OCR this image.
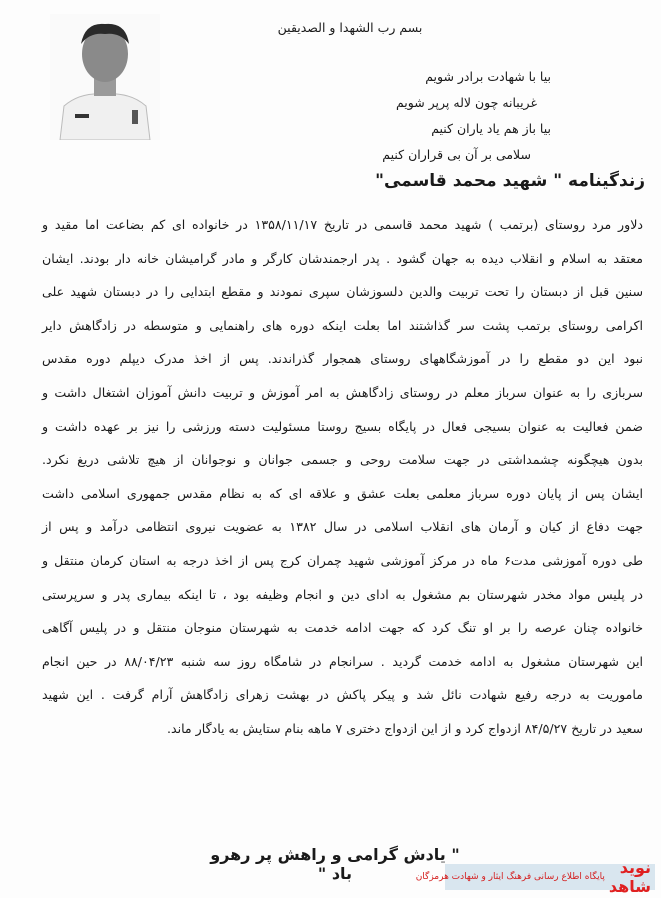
بسم رب الشهدا و الصدیقین
بیا با شهادت برادر شویم
غریبانه چون لاله پرپر شویم
بیا باز هم یاد یاران کنیم
سلامی بر آن بی قراران کنیم
زندگینامه " شهید محمد قاسمی"
دلاور مرد روستای (برتمب ) شهید محمد قاسمی در تاریخ ۱۳۵۸/۱۱/۱۷ در خانواده ای کم بضاعت اما مقید و
معتقد به اسلام و انقلاب دیده به جهان گشود . پدر ارجمندشان کارگر و مادر گرامیشان خانه دار بودند. ایشان
سنین قبل از دبستان را تحت تربیت والدین دلسوزشان سپری نمودند و مقطع ابتدایی را در دبستان شهید علی
اکرامی روستای برتمب پشت سر گذاشتند اما بعلت اینکه دوره های راهنمایی و متوسطه در زادگاهش دایر
نبود این دو مقطع را در آموزشگاههای روستای همجوار گذراندند. پس از اخذ مدرک دیپلم دوره مقدس
سربازی را به عنوان سرباز معلم در روستای زادگاهش به امر آموزش و تربیت دانش آموزان اشتغال داشت و
ضمن فعالیت به عنوان بسیجی فعال در پایگاه بسیج روستا مسئولیت دسته ورزشی را نیز بر عهده داشت و
بدون هیچگونه چشمداشتی در جهت سلامت روحی و جسمی جوانان و نوجوانان از هیچ تلاشی دریغ نکرد.
ایشان پس از پایان دوره سرباز معلمی بعلت عشق و علاقه ای که به نظام مقدس جمهوری اسلامی داشت
جهت دفاع از کیان و آرمان های انقلاب اسلامی در سال ۱۳۸۲ به عضویت نیروی انتظامی درآمد و پس از
طی دوره آموزشی مدت۶ ماه در مرکز آموزشی شهید چمران کرج پس از اخذ درجه به استان کرمان منتقل و
در پلیس مواد مخدر شهرستان بم مشغول به ادای دین و انجام وظیفه بود ، تا اینکه بیماری پدر و سرپرستی
خانواده چنان عرصه را بر او تنگ کرد که جهت ادامه خدمت به شهرستان منوجان منتقل و در پلیس آگاهی
این شهرستان مشغول به ادامه خدمت گردید . سرانجام در شامگاه روز سه شنبه ۸۸/۰۴/۲۳ در حین انجام
ماموریت به درجه رفیع شهادت نائل شد و پیکر پاکش در بهشت زهرای زادگاهش آرام گرفت . این شهید
سعید در تاریخ ۸۴/۵/۲۷ ازدواج کرد و از این ازدواج دختری ۷ ماهه بنام ستایش به یادگار ماند.
" یادش گرامی و راهش پر رهرو باد "	نوید شاهد
پایگاه اطلاع رسانی فرهنگ ایثار و شهادت هرمزگان
